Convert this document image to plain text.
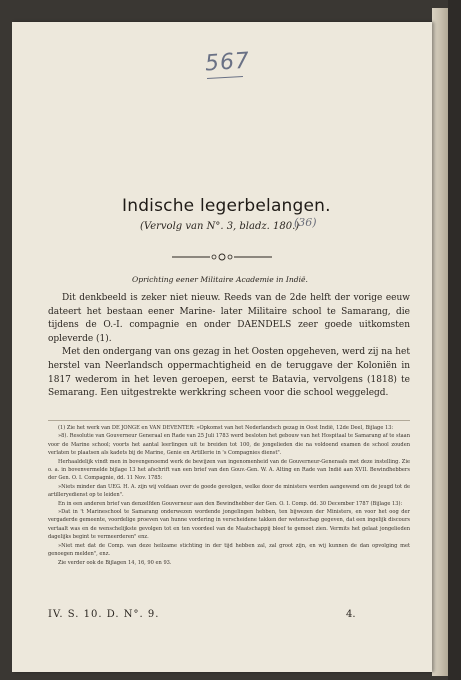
567
Indische legerbelangen.
(Vervolg van N°. 3, bladz. 180.)
(36)
Oprichting eener Militaire Academie in Indië.

Dit denkbeeld is zeker niet nieuw. Reeds van de 2de helft der vorige eeuw dateert het bestaan eener Marine- later Militaire school te Samarang, die tijdens de O.-I. compagnie en onder DAENDELS zeer goede uitkomsten opleverde (1).

Met den ondergang van ons gezag in het Oosten opgeheven, werd zij na het herstel van Neerlandsch oppermachtigheid en de teruggave der Koloniën in 1817 wederom in het leven geroepen, eerst te Batavia, vervolgens (1818) te Semarang. Een uitgestrekte werkkring scheen voor die school weggelegd.

(1) Zie het werk van DE JONGE en VAN DEVENTER: »Opkomst van het Nederlandsch gezag in Oost Indië, 12de Deel, Bijlage 13:

»8). Resolutie van Gouverneur Generaal en Rade van 25 Juli 1783 werd besloten het gebouw van het Hospitaal te Samarang af te staan voor de Marine school; voorts het aantal leerlingen uit te breiden tot 100, de jongelieden die na voldoend examen de school zouden verlaten te plaatsen als kadets bij de Marine, Genie en Artillerie in 's Compagnies dienst".

Herhaaldelijk vindt men in bovengenoemd werk de bewijzen van ingenomenheid van de Gouverneur-Generaals met deze instelling. Zie o. a. in bovenvermelde bijlage 13 het afschrift van een brief van den Gouv.-Gen. W. A. Alting en Rade van Indië aan XVII. Bewindhebbers der Gen. O. I. Compagnie, dd. 11 Nov. 1785:

»Niets minder dan UEG. H. A. zijn wij voldaan over de goede gevolgen, welke door de ministers werden aangewend om de jeugd tot de artilleryedienst op te leiden".

En in een anderen brief van denzelfden Gouverneur aan den Bewindhebber der Gen. O. I. Comp. dd. 30 December 1787 (Bijlage 13):

»Dat in 't Marineschool te Samarang onderwezen wordende jongelingen hebben, ten bijwezen der Ministers, en voor het oog der vergaderde gemeente, voordelige proeven van hunne vordering in verscheidene takken der wetenschap gegeven, dat een ingelijk discours vertaalt was en de wenschelijkste gevolgen tot en ten voordeel van de Maatschappij bleef te gemoet zien. Vermits het gelaat jongelieden dagelijks begint te vermeerderen" enz.

»Niet met dat de Comp. van deze heilzame stichting in der tijd hebben zal, zal groot zijn, en wij kunnen de dan opvolging met genoegen melden", enz.

Zie verder ook de Bijlagen 14, 16, 90 en 93.

IV. S. 10. D. N°. 9.	4.
